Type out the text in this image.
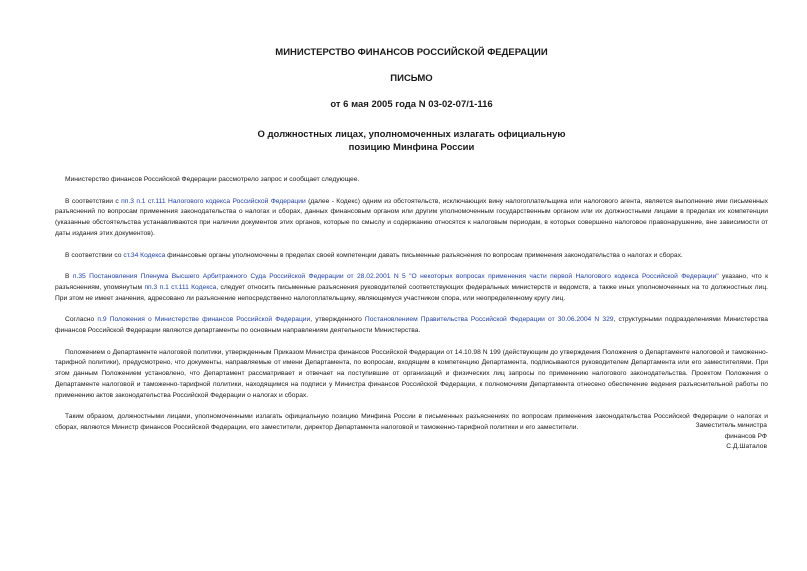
МИНИСТЕРСТВО ФИНАНСОВ РОССИЙСКОЙ ФЕДЕРАЦИИ
ПИСЬМО
от 6 мая 2005 года N 03-02-07/1-116
О должностных лицах, уполномоченных излагать официальную
позицию Минфина России

Министерство финансов Российской Федерации рассмотрело запрос и сообщает следующее.

В соответствии с пп.3 п.1 ст.111 Налогового кодекса Российской Федерации (далее - Кодекс) одним из обстоятельств, исключающих вину налогоплательщика или налогового агента, является выполнение ими письменных разъяснений по вопросам применения законодательства о налогах и сборах, данных финансовым органом или другим уполномоченным государственным органом или их должностными лицами в пределах их компетенции (указанные обстоятельства устанавливаются при наличии документов этих органов, которые по смыслу и содержанию относятся к налоговым периодам, в которых совершено налоговое правонарушение, вне зависимости от даты издания этих документов).

В соответствии со ст.34 Кодекса финансовые органы уполномочены в пределах своей компетенции давать письменные разъяснения по вопросам применения законодательства о налогах и сборах.

В п.35 Постановления Пленума Высшего Арбитражного Суда Российской Федерации от 28.02.2001 N 5 "О некоторых вопросах применения части первой Налогового кодекса Российской Федерации" указано, что к разъяснениям, упомянутым пп.3 п.1 ст.111 Кодекса, следует относить письменные разъяснения руководителей соответствующих федеральных министерств и ведомств, а также иных уполномоченных на то должностных лиц. При этом не имеет значения, адресовано ли разъяснение непосредственно налогоплательщику, являющемуся участником спора, или неопределенному кругу лиц.

Согласно п.9 Положения о Министерстве финансов Российской Федерации, утвержденного Постановлением Правительства Российской Федерации от 30.06.2004 N 329, структурными подразделениями Министерства финансов Российской Федерации являются департаменты по основным направлениям деятельности Министерства.

Положением о Департаменте налоговой политики, утвержденным Приказом Министра финансов Российской Федерации от 14.10.98 N 199 (действующим до утверждения Положения о Департаменте налоговой и таможенно-тарифной политики), предусмотрено, что документы, направляемые от имени Департамента, по вопросам, входящим в компетенцию Департамента, подписываются руководителем Департамента или его заместителями. При этом данным Положением установлено, что Департамент рассматривает и отвечает на поступившие от организаций и физических лиц запросы по применению налогового законодательства. Проектом Положения о Департаменте налоговой и таможенно-тарифной политики, находящимся на подписи у Министра финансов Российской Федерации, к полномочиям Департамента отнесено обеспечение ведения разъяснительной работы по применению актов законодательства Российской Федерации о налогах и сборах.

Таким образом, должностными лицами, уполномоченными излагать официальную позицию Минфина России в письменных разъяснениях по вопросам применения законодательства Российской Федерации о налогах и сборах, являются Министр финансов Российской Федерации, его заместители, директор Департамента налоговой и таможенно-тарифной политики и его заместители.	Заместитель министра
финансов РФ
С.Д.Шаталов
